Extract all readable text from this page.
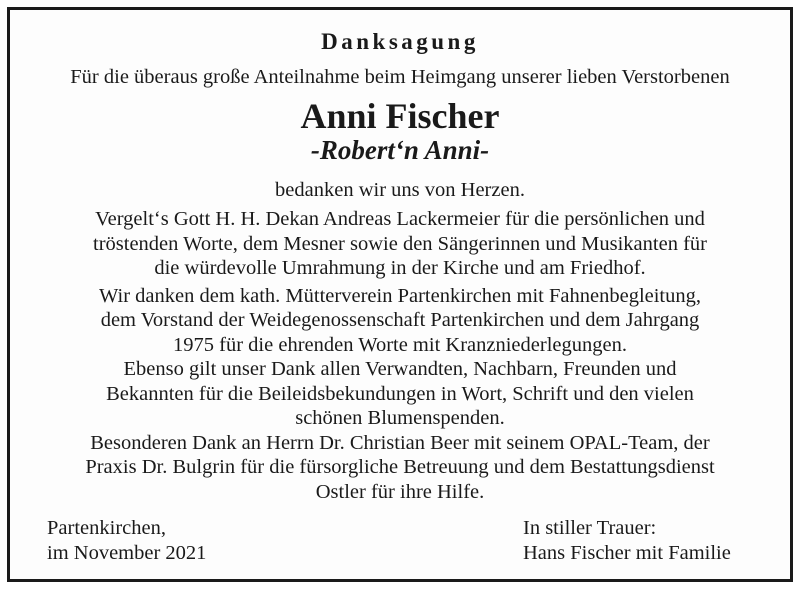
Danksagung
Für die überaus große Anteilnahme beim Heimgang unserer lieben Verstorbenen
Anni Fischer
-Robert‘n Anni-
bedanken wir uns von Herzen.

Vergelt‘s Gott H. H. Dekan Andreas Lackermeier für die persönlichen und
tröstenden Worte, dem Mesner sowie den Sängerinnen und Musikanten für
die würdevolle Umrahmung in der Kirche und am Friedhof.

Wir danken dem kath. Mütterverein Partenkirchen mit Fahnenbegleitung,
dem Vorstand der Weidegenossenschaft Partenkirchen und dem Jahrgang
1975 für die ehrenden Worte mit Kranzniederlegungen.

Ebenso gilt unser Dank allen Verwandten, Nachbarn, Freunden und
Bekannten für die Beileidsbekundungen in Wort, Schrift und den vielen
schönen Blumenspenden.

Besonderen Dank an Herrn Dr. Christian Beer mit seinem OPAL-Team, der
Praxis Dr. Bulgrin für die fürsorgliche Betreuung und dem Bestattungsdienst
Ostler für ihre Hilfe.

Partenkirchen,
im November 2021
In stiller Trauer:
Hans Fischer mit Familie
